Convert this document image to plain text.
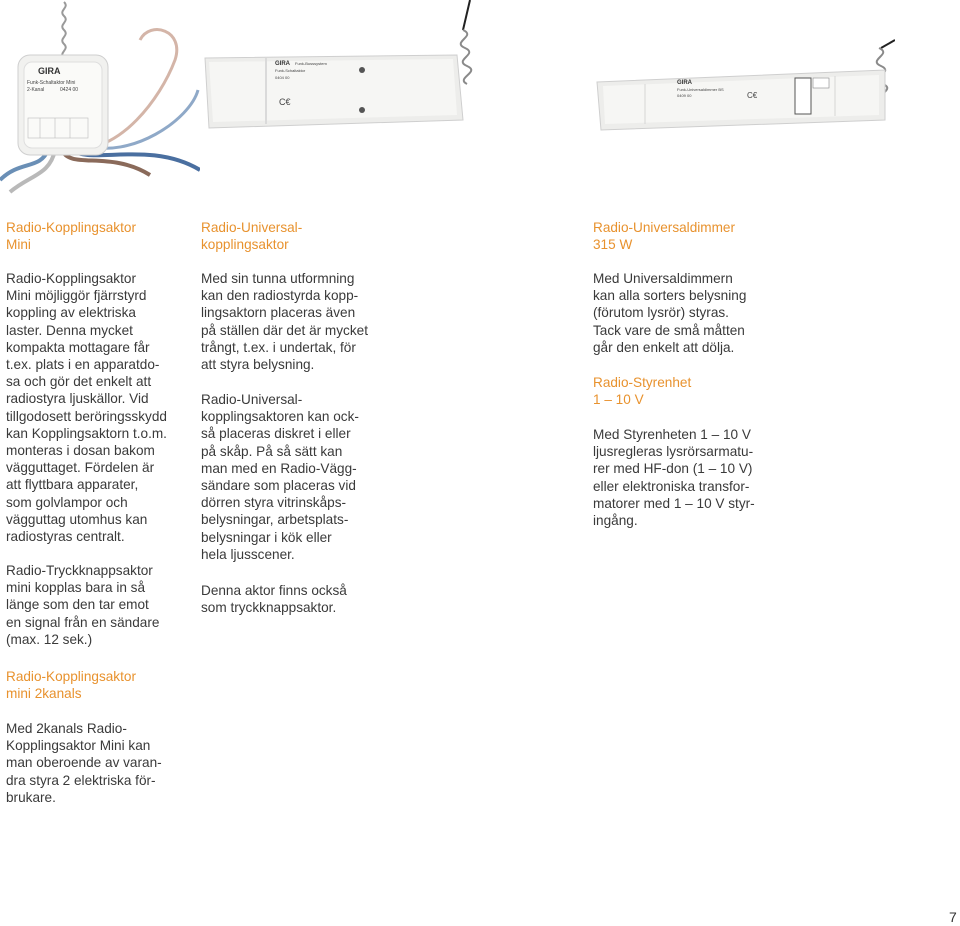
GIRA
Funk-Schaltaktor Mini
2-Kanal	0424 00
GIRA Funk-Busssystem
Funk-Schaltaktor
0404 00
C€
GIRA
Funk-Universaldimmer BS
0409 00	C€
Radio-Kopplingsaktor
Mini
Radio-Kopplingsaktor
Mini möjliggör fjärrstyrd
koppling av elektriska
laster. Denna mycket
kompakta mottagare får
t.ex. plats i en apparatdo-
sa och gör det enkelt att
radiostyra ljuskällor. Vid
tillgodosett beröringsskydd
kan Kopplingsaktorn t.o.m.
monteras i dosan bakom
vägguttaget. Fördelen är
att flyttbara apparater,
som golvlampor och
vägguttag utomhus kan
radiostyras centralt.
Radio-Tryckknappsaktor
mini kopplas bara in så
länge som den tar emot
en signal från en sändare
(max. 12 sek.)
Radio-Kopplingsaktor
mini 2kanals
Med 2kanals Radio-
Kopplingsaktor Mini kan
man oberoende av varan-
dra styra 2 elektriska för-
brukare.
Radio-Universal-
kopplingsaktor
Med sin tunna utformning
kan den radiostyrda kopp-
lingsaktorn placeras även
på ställen där det är mycket
trångt, t.ex. i undertak, för
att styra belysning.
Radio-Universal-
kopplingsaktoren kan ock-
så placeras diskret i eller
på skåp. På så sätt kan
man med en Radio-Vägg-
sändare som placeras vid
dörren styra vitrinskåps-
belysningar, arbetsplats-
belysningar i kök eller
hela ljusscener.
Denna aktor finns också
som tryckknappsaktor.
Radio-Universaldimmer
315 W
Med Universaldimmern
kan alla sorters belysning
(förutom lysrör) styras.
Tack vare de små måtten
går den enkelt att dölja.
Radio-Styrenhet
1 – 10 V
Med Styrenheten 1 – 10 V
ljusregleras lysrörsarmatu-
rer med HF-don (1 – 10 V)
eller elektroniska transfor-
matorer med 1 – 10 V styr-
ingång.
7
